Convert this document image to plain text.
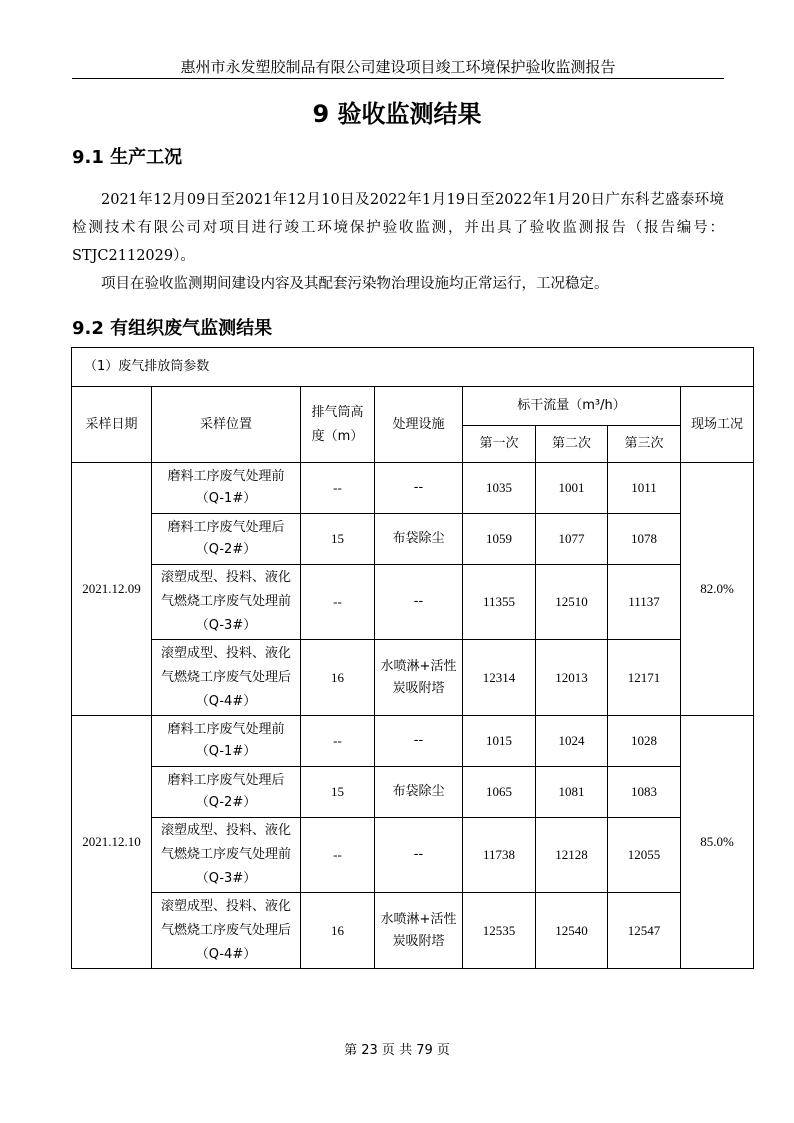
惠州市永发塑胶制品有限公司建设项目竣工环境保护验收监测报告
9 验收监测结果
9.1 生产工况

2021年12月09日至2021年12月10日及2022年1月19日至2022年1月20日广东科艺盛泰环境检测技术有限公司对项目进行竣工环境保护验收监测，并出具了验收监测报告（报告编号：STJC2112029）。

项目在验收监测期间建设内容及其配套污染物治理设施均正常运行，工况稳定。

9.2 有组织废气监测结果
（1）废气排放筒参数							
采样日期	采样位置	排气筒高度（m）	处理设施	标干流量（m³/h）			现场工况
				第一次	第二次	第三次	
2021.12.09	磨料工序废气处理前（Q-1#）	--	--	1035	1001	1011	82.0%
	磨料工序废气处理后（Q-2#）	15	布袋除尘	1059	1077	1078	
	滚塑成型、投料、液化气燃烧工序废气处理前（Q-3#）	--	--	11355	12510	11137	
	滚塑成型、投料、液化气燃烧工序废气处理后（Q-4#）	16	水喷淋+活性炭吸附塔	12314	12013	12171	
2021.12.10	磨料工序废气处理前（Q-1#）	--	--	1015	1024	1028	85.0%
	磨料工序废气处理后（Q-2#）	15	布袋除尘	1065	1081	1083	
	滚塑成型、投料、液化气燃烧工序废气处理前（Q-3#）	--	--	11738	12128	12055	
	滚塑成型、投料、液化气燃烧工序废气处理后（Q-4#）	16	水喷淋+活性炭吸附塔	12535	12540	12547	
第 23 页 共 79 页
